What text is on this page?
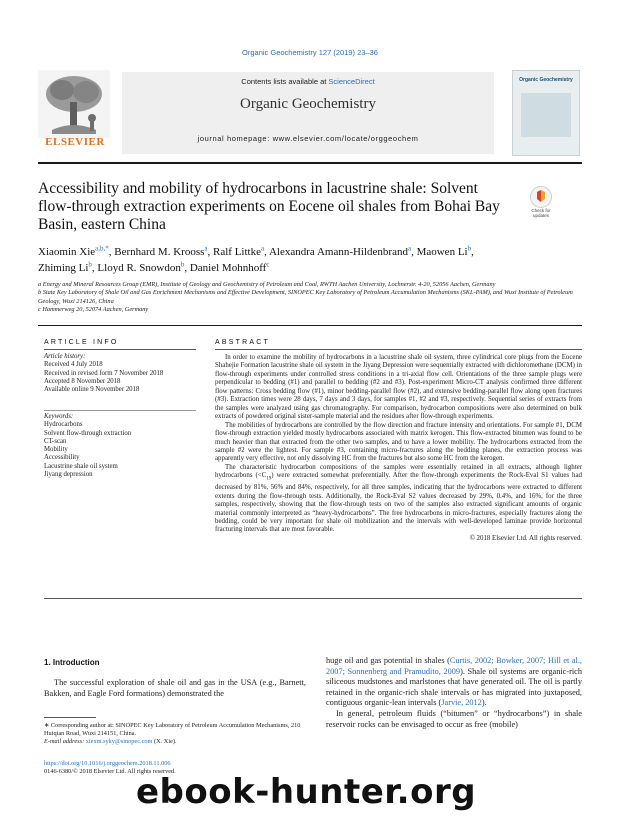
Organic Geochemistry 127 (2019) 23–36
ELSEVIER
Contents lists available at ScienceDirect
Organic Geochemistry
journal homepage: www.elsevier.com/locate/orggeochem
Organic Geochemistry
Accessibility and mobility of hydrocarbons in lacustrine shale: Solvent flow-through extraction experiments on Eocene oil shales from Bohai Bay Basin, eastern China
Check for updates
Xiaomin Xie$^{a,b,*}$, Bernhard M. Krooss$^a$, Ralf Littke$^a$, Alexandra Amann-Hildenbrand$^a$, Maowen Li$^b$,
Zhiming Li$^b$, Lloyd R. Snowdon$^b$, Daniel Mohnhoff$^c$
a Energy and Mineral Resources Group (EMR), Institute of Geology and Geochemistry of Petroleum and Coal, RWTH Aachen University, Lochnerstr. 4-20, 52056 Aachen, Germany
b State Key Laboratory of Shale Oil and Gas Enrichment Mechanisms and Effective Development, SINOPEC Key Laboratory of Petroleum Accumulation Mechanisms (SKL-PAM), and Wuxi Institute of Petroleum Geology, Wuxi 214126, China
c Hammerweg 20, 52074 Aachen, Germany
ARTICLE INFO	ABSTRACT
Article history:
Received 4 July 2018
Received in revised form 7 November 2018
Accepted 8 November 2018
Available online 9 November 2018
Keywords:
Hydrocarbons
Solvent flow-through extraction
CT-scan
Mobility
Accessibility
Lacustrine shale oil system
Jiyang depression

In order to examine the mobility of hydrocarbons in a lacustrine shale oil system, three cylindrical core plugs from the Eocene Shahejie Formation lacustrine shale oil system in the Jiyang Depression were sequentially extracted with dichloromethane (DCM) in flow-through experiments under controlled stress conditions in a tri-axial flow cell. Orientations of the three sample plugs were perpendicular to bedding (#1) and parallel to bedding (#2 and #3). Post-experiment Micro-CT analysis confirmed three different flow patterns: Cross bedding flow (#1), minor bedding-parallel flow (#2), and extensive bedding-parallel flow along open fractures (#3). Extraction times were 28 days, 7 days and 3 days, for samples #1, #2 and #3, respectively. Sequential series of extracts from the samples were analyzed using gas chromatography. For comparison, hydrocarbon compositions were also determined on bulk extracts of powdered original sister-sample material and the residues after flow-through experiments.

The mobilities of hydrocarbons are controlled by the flow direction and fracture intensity and orientations. For sample #1, DCM flow-through extraction yielded mostly hydrocarbons associated with matrix kerogen. This flow-extracted bitumen was found to be much heavier than that extracted from the other two samples, and to have a lower mobility. The hydrocarbons extracted from the sample #2 were the lightest. For sample #3, containing micro-fractures along the bedding planes, the extraction process was apparently very effective, not only dissolving HC from the fractures but also some HC from the kerogen.

The characteristic hydrocarbon compositions of the samples were essentially retained in all extracts, although lighter hydrocarbons $(<C_{19})$ were extracted somewhat preferentially. After the flow-through experiments the Rock-Eval S1 values had decreased by 81%, 56% and 84%, respectively, for all three samples, indicating that the hydrocarbons were extracted to different extents during the flow-through tests. Additionally, the Rock-Eval S2 values decreased by 29%, 0.4%, and 16%, for the three samples, respectively, showing that the flow-through tests on two of the samples also extracted significant amounts of organic material commonly interpreted as “heavy-hydrocarbons”. The free hydrocarbons in micro-fractures, especially fractures along the bedding, could be very important for shale oil mobilization and the intervals with well-developed laminae provide horizontal fracturing intervals that are most favorable.

© 2018 Elsevier Ltd. All rights reserved.
1. Introduction
The successful exploration of shale oil and gas in the USA (e.g., Barnett, Bakken, and Eagle Ford formations) demonstrated the

huge oil and gas potential in shales (Curtis, 2002; Bowker, 2007; Hill et al., 2007; Sonnenberg and Pramudito, 2009). Shale oil systems are organic-rich siliceous mudstones and marlstones that have generated oil. The oil is partly retained in the organic-rich shale intervals or has migrated into juxtaposed, contiguous organic-lean intervals (Jarvie, 2012).

In general, petroleum fluids (“bitumen” or “hydrocarbons”) in shale reservoir rocks can be envisaged to occur as free (mobile)

∗ Corresponding author at: SINOPEC Key Laboratory of Petroleum Accumulation Mechanisms, 210 Huiqian Road, Wuxi 214151, China.
E-mail address: xiexm.syky@sinopec.com (X. Xie).
https://doi.org/10.1016/j.orggeochem.2018.11.006
0146-6380/© 2018 Elsevier Ltd. All rights reserved.
ebook-hunter.org
